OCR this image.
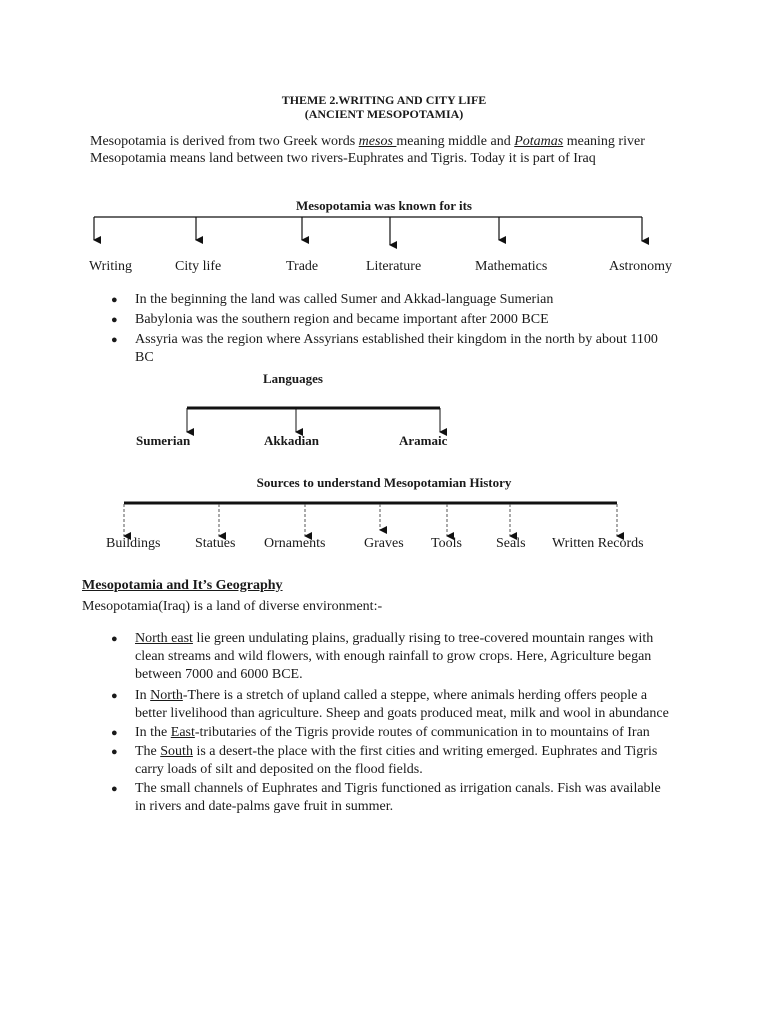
THEME 2.WRITING AND CITY LIFE
(ANCIENT MESOPOTAMIA)
Mesopotamia is derived from two Greek words mesos meaning middle and Potamas meaning river
Mesopotamia means land between two rivers-Euphrates and Tigris. Today it is part of Iraq
Mesopotamia was known for its
Writing	City life	Trade	Literature	Mathematics	Astronomy
● In the beginning the land was called Sumer and Akkad-language Sumerian
● Babylonia was the southern region and became important after 2000 BCE
● Assyria was the region where Assyrians established their kingdom in the north by about 1100
BC
Languages
Sumerian	Akkadian	Aramaic
Sources to understand Mesopotamian History
Buildings Statues Ornaments	Graves Tools Seals Written Records
Mesopotamia and It’s Geography
Mesopotamia(Iraq) is a land of diverse environment:-
● North east lie green undulating plains, gradually rising to tree-covered mountain ranges with
clean streams and wild flowers, with enough rainfall to grow crops. Here, Agriculture began
between 7000 and 6000 BCE.
● In North-There is a stretch of upland called a steppe, where animals herding offers people a
better livelihood than agriculture. Sheep and goats produced meat, milk and wool in abundance
● In the East-tributaries of the Tigris provide routes of communication in to mountains of Iran
● The South is a desert-the place with the first cities and writing emerged. Euphrates and Tigris
carry loads of silt and deposited on the flood fields.
● The small channels of Euphrates and Tigris functioned as irrigation canals. Fish was available
in rivers and date-palms gave fruit in summer.
